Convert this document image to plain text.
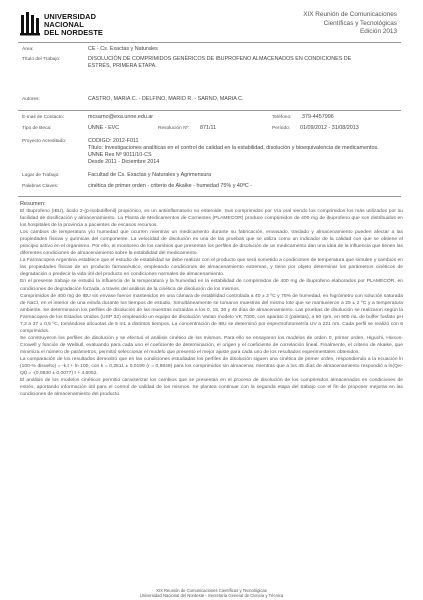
UNIVERSIDAD
NACIONAL
DEL NORDESTE
XIX Reunión de Comunicaciones
Científicas y Tecnológicas
Edición 2013
Área:	CE - Cs. Exactas y Naturales
Título del Trabajo:	DISOLUCIÓN DE COMPRIMIDOS GENÉRICOS DE IBUPROFENO ALMACENADOS EN CONDICIONES DE ESTRÉS, PRIMERA ETAPA.
Autores:	CASTRO, MARIA C. - DELFINO, MARIO R. - SARNO, MARIA C.
E-mail de Contacto:	mcsarno@exa.unne.edu.ar	Teléfono: 379-4457996
Tipo de Beca:	UNNE - EVC	Resolución Nº: 871/11	Período: 01/09/2012 - 31/08/2013
Proyecto Acreditado:	CODIGO: 2012-F011
Título: Investigaciones analíticas en el control de calidad en la estabilidad, disolución y bioequivalencia de medicamentos. UNNE Res Nº 9011/10-CS
Desde 2011 - Diciembre 2014
Lugar de Trabajo:	Facultad de Cs. Exactas y Naturales y Agrimensura
Palabras Claves:	cinética de primer orden - criterio de Akaike - humedad 75% y 40ºC -
Resumen:

El Ibuprofeno (IBU), ácido 2-(p-isobutilfenil) propiónico, es un antiinflamatorio no esteroide. Sus comprimidos por Vía oral siendo los comprimidos los más utilizados por su facilidad de dosificación y almacenamiento. La Planta de Medicamentos de Corrientes (PLAMECOR) produce comprimidos de 400 mg de ibuprofeno que son distribuidos en los hospitales de la provincia a pacientes de escasos recursos.

Los cambios de temperatura y/o humedad que ocurren mientras un medicamento durante su fabricación, envasado, traslado y almacenamiento pueden afectar a las propiedades físicas y químicas del componente. La velocidad de disolución es una de las pruebas que se utiliza como un indicador de la calidad con que se obtiene el principio activo en el organismo. Por ello, el monitoreo de los cambios que presentan los perfiles de disolución de un medicamento dan una idea de la influencia que tienen las diferentes condiciones de almacenamiento sobre la estabilidad del medicamento.

La Farmacopea Argentina establece que el estudio de estabilidad se debe realizar con el producto que será sometido a condiciones de temperatura que simulen y cambios en las propiedades físicas de un producto farmacéutico, empleando condiciones de almacenamiento extremas, y tiene por objeto determinar los parámetros cinéticos de degradación o predecir la vida útil del producto en condiciones normales de almacenamiento.

En el presente trabajo se estudió la influencia de la temperatura y la humedad en la estabilidad de comprimidos de 400 mg de ibuprofeno elaborados por PLAMECOR, en condiciones de degradación forzada, a través del análisis de la cinética de disolución de los mismos.

Comprimidos de 400 mg de IBU sin envase fueron mantenidos en una cámara de estabilidad controlada a 40 ± 2 ºC y 75% de humedad, en higrómetro con solución saturada de NaCl, en el interior de una estufa durante los tiempos de estudio. Simultáneamente se tomaron muestras del mismo lote que se mantuvieron a 25 ± 2 ºC y a temperatura ambiente. Se determinaron los perfiles de disolución de las muestras extraídas a los 0, 15, 30 y 45 días de almacenamiento. Las pruebas de disolución se realizaron según la Farmacopea de los Estados Unidos (USP 32) empleando un equipo de disolución Varian modelo VK 7000, con aparato 2 (paletas), a 50 rpm, en 900 mL de buffer fosfato pH 7,2 a 37 ± 0,5 ºC, tomándose alícuotas de 5 mL a distintos tiempos. La concentración de IBU se determinó por espectrofotometría UV a 221 nm. Cada perfil se realizó con 6 comprimidos.

Se construyeron los perfiles de disolución y se efectuó el análisis cinético de los mismos. Para ello se ensayaron los modelos de orden 0, primer orden, Higuchi, Hixson-Crowell y función de Weibull, evaluando para cada uno el coeficiente de determinación, el origen y el coeficiente de correlación lineal. Finalmente, el criterio de Akaike, que minimiza el número de parámetros, permitió seleccionar el modelo que presentó el mejor ajuste para cada uno de los resultados experimentales obtenidos.

La comparación de los resultados demostró que en las condiciones estudiadas los perfiles de disolución siguen una cinética de primer orden, respondiendo a la ecuación ln (100-% disuelto) = -k.t + ln 100, con k = 0,2511 ± 0,0199 (r = 0,9848) para los comprimidos sin almacenar, mientras que a los 45 días de almacenamiento respondió a ln(Q∞-Qt) = -(0,0830 ± 0,0077) t + 4,6052.

El análisis de los modelos cinéticos permitió caracterizar los cambios que se presentan en el proceso de disolución de los comprimidos almacenados en condiciones de estrés, aportando información útil para el control de calidad de los mismos. Se plantea continuar con la segunda etapa del trabajo con el fin de proponer mejoras en las condiciones de almacenamiento del producto.

XIX Reunión de Comunicaciones Científicas y Tecnológicas
Universidad Nacional del Nordeste - Secretaría General de Ciencia y Técnica
